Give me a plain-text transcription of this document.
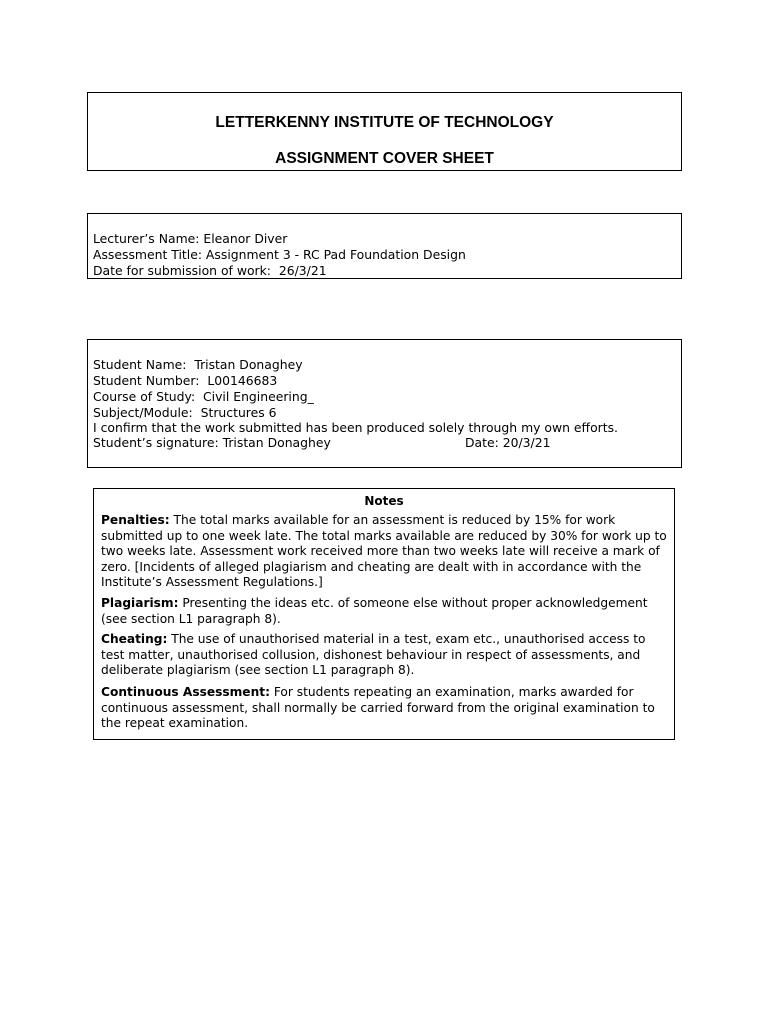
LETTERKENNY INSTITUTE OF TECHNOLOGY
ASSIGNMENT COVER SHEET
Lecturer’s Name: Eleanor Diver
Assessment Title: Assignment 3 - RC Pad Foundation Design
Date for submission of work:  26/3/21
Student Name:  Tristan Donaghey
Student Number:  L00146683
Course of Study:  Civil Engineering_
Subject/Module:  Structures 6
I confirm that the work submitted has been produced solely through my own efforts.
Student’s signature: Tristan Donaghey	Date: 20/3/21
Notes
Penalties: The total marks available for an assessment is reduced by 15% for work submitted up to one week late. The total marks available are reduced by 30% for work up to two weeks late. Assessment work received more than two weeks late will receive a mark of zero. [Incidents of alleged plagiarism and cheating are dealt with in accordance with the Institute’s Assessment Regulations.]
Plagiarism: Presenting the ideas etc. of someone else without proper acknowledgement (see section L1 paragraph 8).
Cheating: The use of unauthorised material in a test, exam etc., unauthorised access to test matter, unauthorised collusion, dishonest behaviour in respect of assessments, and deliberate plagiarism (see section L1 paragraph 8).
Continuous Assessment: For students repeating an examination, marks awarded for continuous assessment, shall normally be carried forward from the original examination to the repeat examination.
